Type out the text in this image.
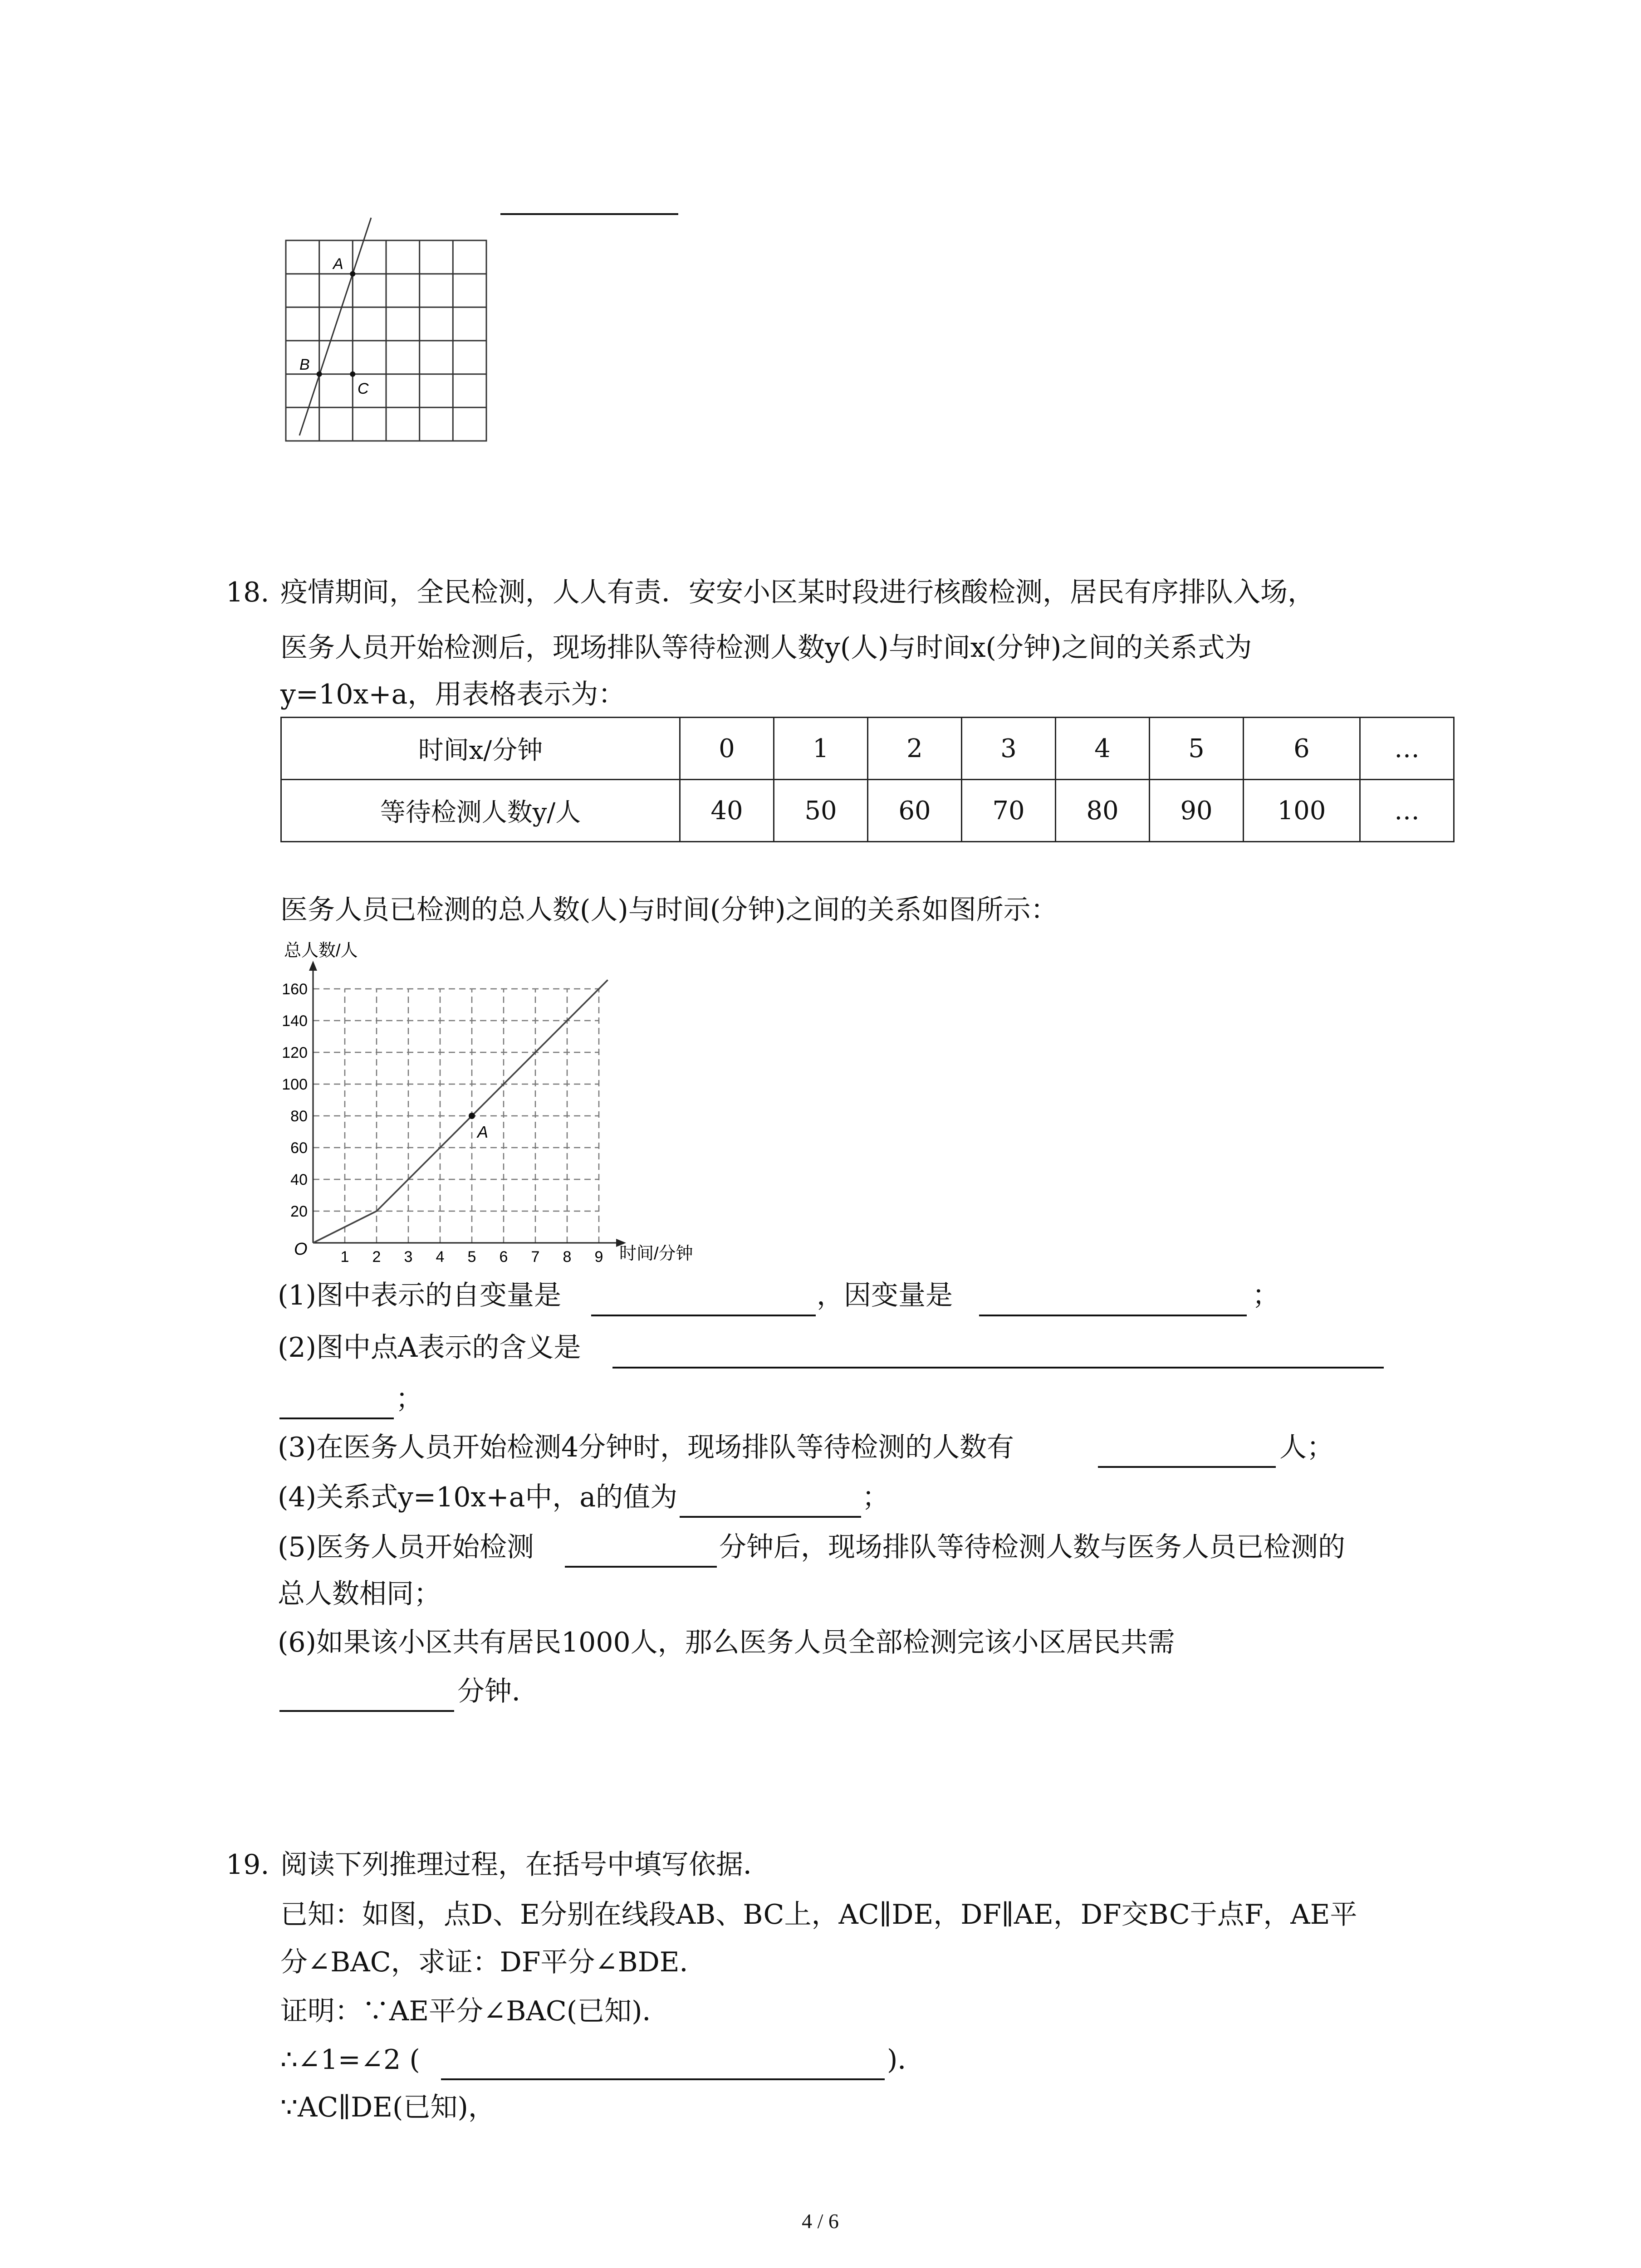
A
B
C
18. 疫情期间，全民检测，人人有责．安安小区某时段进行核酸检测，居民有序排队入场，
医务人员开始检测后，现场排队等待检测人数y(人)与时间x(分钟)之间的关系式为
y=10x+a，用表格表示为：
时间x/分钟	0	1	2	3	4	5	6	…
等待检测人数y/人	40	50	60	70	80	90	100	…
医务人员已检测的总人数(人)与时间(分钟)之间的关系如图所示：
1 2 3 4 5 6 7 8 9
20
40
60
80
100
120
140
160
A
总人数/人
时间/分钟
O
(1)图中表示的自变量是	，因变量是	；
(2)图中点A表示的含义是
；
(3)在医务人员开始检测4分钟时，现场排队等待检测的人数有	人；
(4)关系式y=10x+a中，a的值为	；
(5)医务人员开始检测	分钟后，现场排队等待检测人数与医务人员已检测的
总人数相同；
(6)如果该小区共有居民1000人，那么医务人员全部检测完该小区居民共需
分钟．
19. 阅读下列推理过程，在括号中填写依据．
已知：如图，点D、E分别在线段AB、BC上，AC∥DE，DF∥AE，DF交BC于点F，AE平
分∠BAC，求证：DF平分∠BDE．
证明：∵AE平分∠BAC(已知)．
∴∠1=∠2 (	)．
∵AC∥DE(已知)，
4 / 6
